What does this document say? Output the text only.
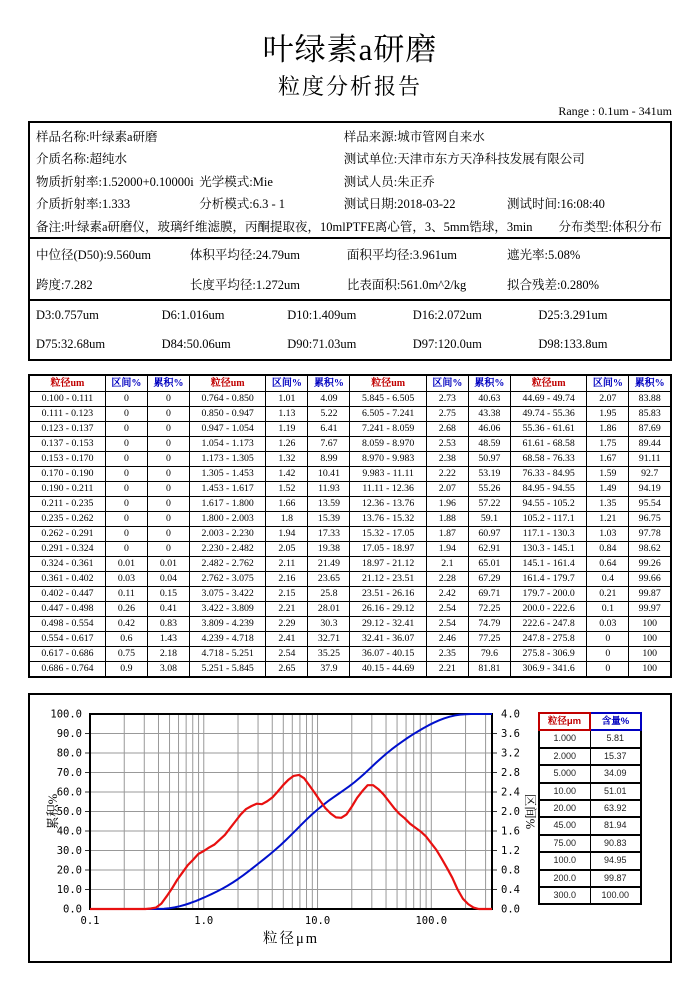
叶绿素a研磨
粒度分析报告
Range : 0.1um - 341um
样品名称:叶绿素a研磨	样品来源:城市管网自来水
介质名称:超纯水	测试单位:天津市东方天净科技发展有限公司
物质折射率:1.52000+0.10000i 光学模式:Mie	测试人员:朱正乔
介质折射率:1.333	分析模式:6.3 - 1	测试日期:2018-03-22	测试时间:16:08:40
备注:叶绿素a研磨仪，玻璃纤维滤膜，丙酮提取夜，10mlPTFE离心管，3、5mm锆球，3min 分布类型:体积分布
中位径(D50):9.560um	体积平均径:24.79um	面积平均径:3.961um	遮光率:5.08%
跨度:7.282	长度平均径:1.272um	比表面积:561.0m^2/kg	拟合残差:0.280%
D3:0.757um	D6:1.016um	D10:1.409um	D16:2.072um	D25:3.291um
D75:32.68um	D84:50.06um	D90:71.03um	D97:120.0um	D98:133.8um
粒径um	区间%	累积%	粒径um	区间%	累积%	粒径um	区间%	累积%	粒径um	区间%	累积%
0.100 - 0.111	0	0	0.764 - 0.850	1.01	4.09	5.845 - 6.505	2.73	40.63	44.69 - 49.74	2.07	83.88
0.111 - 0.123	0	0	0.850 - 0.947	1.13	5.22	6.505 - 7.241	2.75	43.38	49.74 - 55.36	1.95	85.83
0.123 - 0.137	0	0	0.947 - 1.054	1.19	6.41	7.241 - 8.059	2.68	46.06	55.36 - 61.61	1.86	87.69
0.137 - 0.153	0	0	1.054 - 1.173	1.26	7.67	8.059 - 8.970	2.53	48.59	61.61 - 68.58	1.75	89.44
0.153 - 0.170	0	0	1.173 - 1.305	1.32	8.99	8.970 - 9.983	2.38	50.97	68.58 - 76.33	1.67	91.11
0.170 - 0.190	0	0	1.305 - 1.453	1.42	10.41	9.983 - 11.11	2.22	53.19	76.33 - 84.95	1.59	92.7
0.190 - 0.211	0	0	1.453 - 1.617	1.52	11.93	11.11 - 12.36	2.07	55.26	84.95 - 94.55	1.49	94.19
0.211 - 0.235	0	0	1.617 - 1.800	1.66	13.59	12.36 - 13.76	1.96	57.22	94.55 - 105.2	1.35	95.54
0.235 - 0.262	0	0	1.800 - 2.003	1.8	15.39	13.76 - 15.32	1.88	59.1	105.2 - 117.1	1.21	96.75
0.262 - 0.291	0	0	2.003 - 2.230	1.94	17.33	15.32 - 17.05	1.87	60.97	117.1 - 130.3	1.03	97.78
0.291 - 0.324	0	0	2.230 - 2.482	2.05	19.38	17.05 - 18.97	1.94	62.91	130.3 - 145.1	0.84	98.62
0.324 - 0.361	0.01	0.01	2.482 - 2.762	2.11	21.49	18.97 - 21.12	2.1	65.01	145.1 - 161.4	0.64	99.26
0.361 - 0.402	0.03	0.04	2.762 - 3.075	2.16	23.65	21.12 - 23.51	2.28	67.29	161.4 - 179.7	0.4	99.66
0.402 - 0.447	0.11	0.15	3.075 - 3.422	2.15	25.8	23.51 - 26.16	2.42	69.71	179.7 - 200.0	0.21	99.87
0.447 - 0.498	0.26	0.41	3.422 - 3.809	2.21	28.01	26.16 - 29.12	2.54	72.25	200.0 - 222.6	0.1	99.97
0.498 - 0.554	0.42	0.83	3.809 - 4.239	2.29	30.3	29.12 - 32.41	2.54	74.79	222.6 - 247.8	0.03	100
0.554 - 0.617	0.6	1.43	4.239 - 4.718	2.41	32.71	32.41 - 36.07	2.46	77.25	247.8 - 275.8	0	100
0.617 - 0.686	0.75	2.18	4.718 - 5.251	2.54	35.25	36.07 - 40.15	2.35	79.6	275.8 - 306.9	0	100
0.686 - 0.764	0.9	3.08	5.251 - 5.845	2.65	37.9	40.15 - 44.69	2.21	81.81	306.9 - 341.6	0	100
0.0
10.0
20.0
30.0
40.0
50.0
60.0
70.0
80.0
90.0
100.0
0.0
0.4
0.8
1.2
1.6
2.0
2.4
2.8
3.2
3.6
4.0
0.1	1.0	10.0	100.0
累积%	区间%
粒径μm
粒径μm	含量%
1.000	5.81
2.000	15.37
5.000	34.09
10.00	51.01
20.00	63.92
45.00	81.94
75.00	90.83
100.0	94.95
200.0	99.87
300.0	100.00
